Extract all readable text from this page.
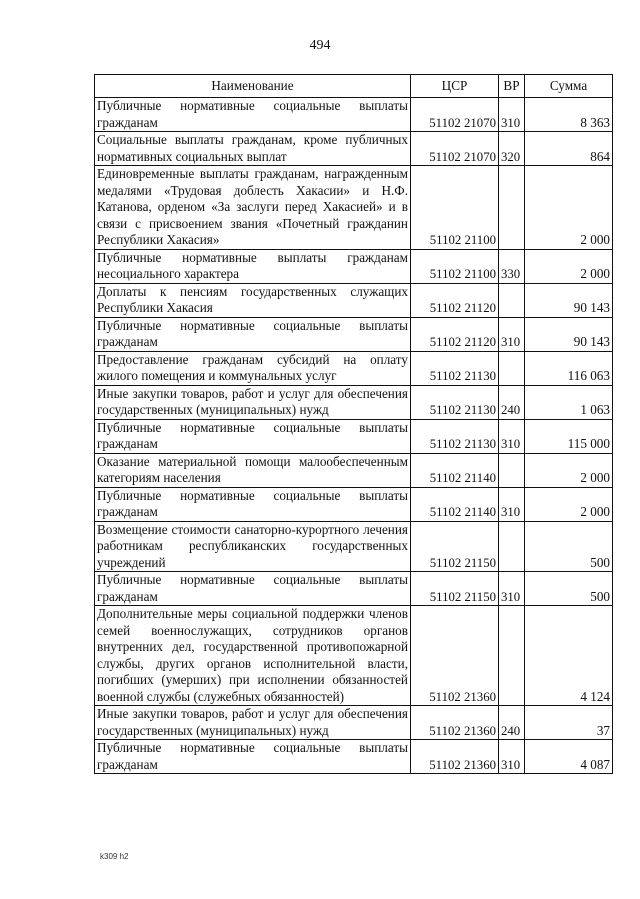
494
Наименование	ЦСР	ВР	Сумма
Публичные нормативные социальные выплаты гражданам	51102 21070	310	8 363
Социальные выплаты гражданам, кроме публичных нормативных социальных выплат	51102 21070	320	864
Единовременные выплаты гражданам, награжденным медалями «Трудовая доблесть Хакасии» и Н.Ф. Катанова, орденом «За заслуги перед Хакасией» и в связи с присвоением звания «Почетный гражданин Республики Хакасия»	51102 21100		2 000
Публичные нормативные выплаты гражданам несоциального характера	51102 21100	330	2 000
Доплаты к пенсиям государственных служащих Республики Хакасия	51102 21120		90 143
Публичные нормативные социальные выплаты гражданам	51102 21120	310	90 143
Предоставление гражданам субсидий на оплату жилого помещения и коммунальных услуг	51102 21130		116 063
Иные закупки товаров, работ и услуг для обеспечения государственных (муниципальных) нужд	51102 21130	240	1 063
Публичные нормативные социальные выплаты гражданам	51102 21130	310	115 000
Оказание материальной помощи малообеспеченным категориям населения	51102 21140		2 000
Публичные нормативные социальные выплаты гражданам	51102 21140	310	2 000
Возмещение стоимости санаторно-курортного лечения работникам республиканских государственных учреждений	51102 21150		500
Публичные нормативные социальные выплаты гражданам	51102 21150	310	500
Дополнительные меры социальной поддержки членов семей военнослужащих, сотрудников органов внутренних дел, государственной противопожарной службы, других органов исполнительной власти, погибших (умерших) при исполнении обязанностей военной службы (служебных обязанностей)	51102 21360		4 124
Иные закупки товаров, работ и услуг для обеспечения государственных (муниципальных) нужд	51102 21360	240	37
Публичные нормативные социальные выплаты гражданам	51102 21360	310	4 087
k309 h2
